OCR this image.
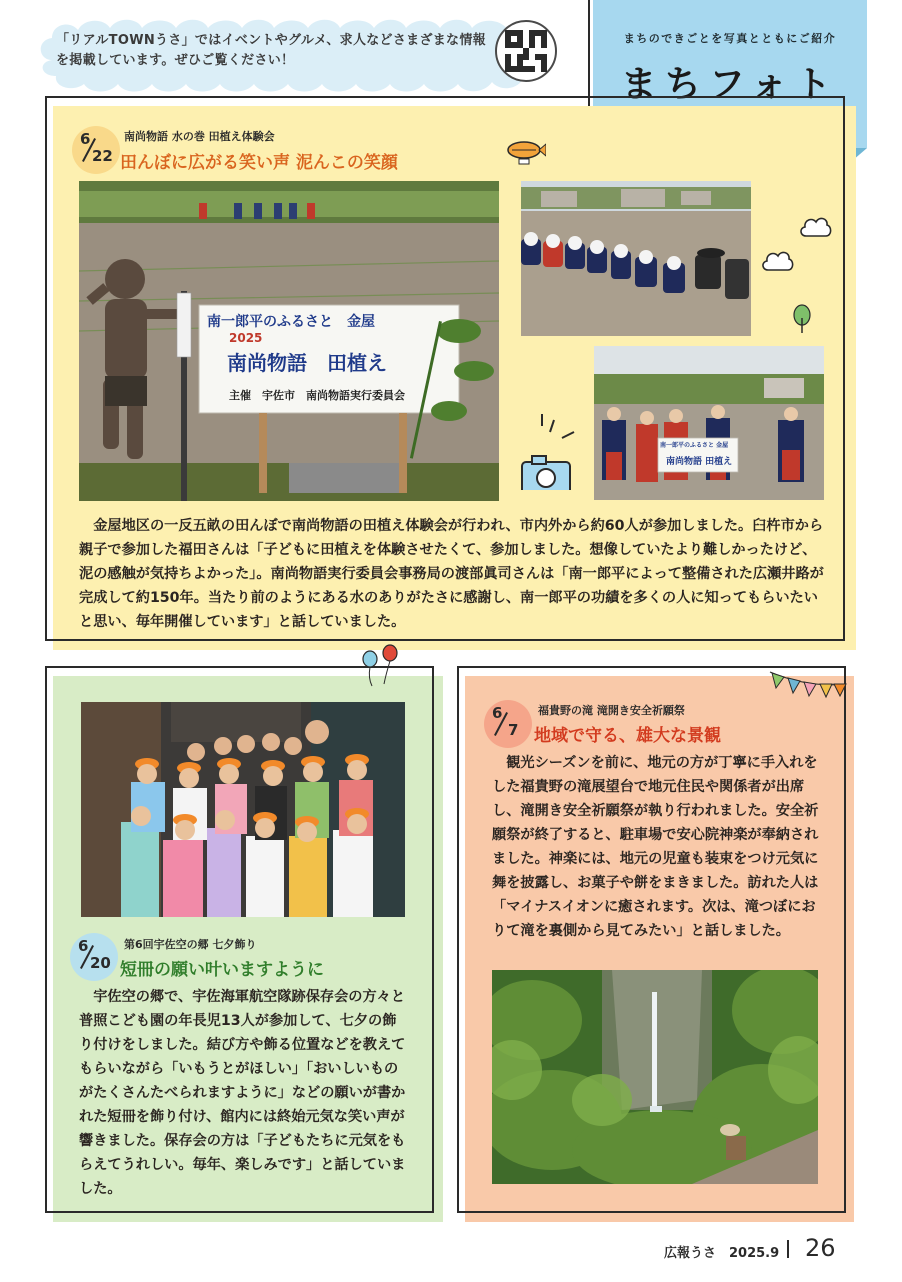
「リアルTOWNうさ」ではイベントやグルメ、求人などさまざまな情報を掲載しています。ぜひご覧ください！
まちのできごとを写真とともにご紹介
まちフォト
6
22
南尚物語 水の巻 田植え体験会
田んぼに広がる笑い声 泥んこの笑顔
南一郎平のふるさと　金屋
2025
南尚物語　田植え
主催　宇佐市　南尚物語実行委員会
南一郎平のふるさと 金屋
南尚物語 田植え
　金屋地区の一反五畝の田んぼで南尚物語の田植え体験会が行われ、市内外から約60人が参加しました。臼杵市から親子で参加した福田さんは「子どもに田植えを体験させたくて、参加しました。想像していたより難しかったけど、泥の感触が気持ちよかった」。南尚物語実行委員会事務局の渡部眞司さんは「南一郎平によって整備された広瀬井路が完成して約150年。当たり前のようにある水のありがたさに感謝し、南一郎平の功績を多くの人に知ってもらいたいと思い、毎年開催しています」と話していました。
6
20
第6回宇佐空の郷 七夕飾り
短冊の願い叶いますように
　宇佐空の郷で、宇佐海軍航空隊跡保存会の方々と普照こども園の年長児13人が参加して、七夕の飾り付けをしました。結び方や飾る位置などを教えてもらいながら「いもうとがほしい」「おいしいものがたくさんたべられますように」などの願いが書かれた短冊を飾り付け、館内には終始元気な笑い声が響きました。保存会の方は「子どもたちに元気をもらえてうれしい。毎年、楽しみです」と話していました。
6
7
福貴野の滝 滝開き安全祈願祭
地域で守る、雄大な景観
　観光シーズンを前に、地元の方が丁寧に手入れをした福貴野の滝展望台で地元住民や関係者が出席し、滝開き安全祈願祭が執り行われました。安全祈願祭が終了すると、駐車場で安心院神楽が奉納されました。神楽には、地元の児童も装束をつけ元気に舞を披露し、お菓子や餅をまきました。訪れた人は「マイナスイオンに癒されます。次は、滝つぼにおりて滝を裏側から見てみたい」と話しました。
広報うさ　2025.9 26
